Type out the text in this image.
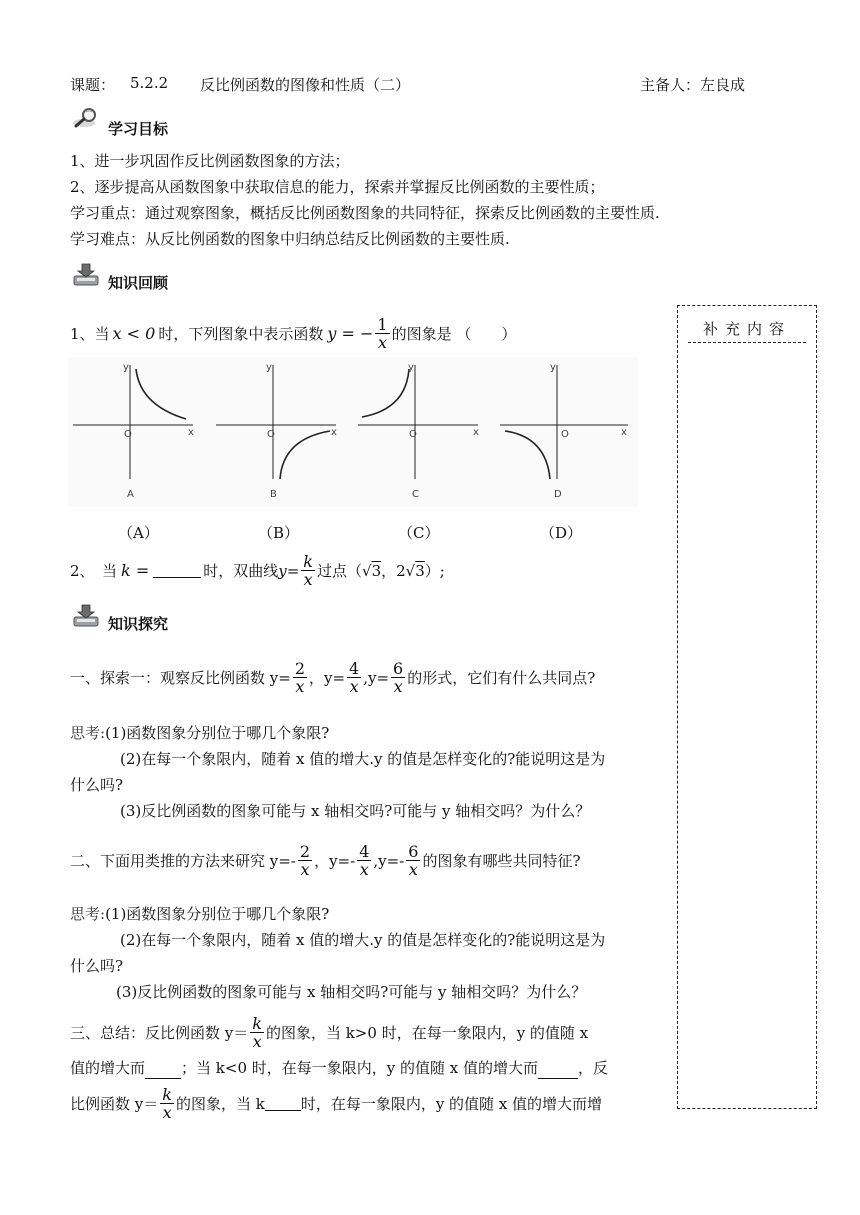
课题： 5.2.2 反比例函数的图像和性质（二）	主备人：左良成
学习目标
1、进一步巩固作反比例函数图象的方法；
2、逐步提高从函数图象中获取信息的能力，探索并掌握反比例函数的主要性质；
学习重点：通过观察图象，概括反比例函数图象的共同特征，探索反比例函数的主要性质.
学习难点：从反比例函数的图象中归纳总结反比例函数的主要性质.
知识回顾
1、当 x < 0 时，下列图象中表示函数 y = − $\frac{1}{x}$ 的图象是 （　　）
O	x
y
A
O	x
y
B
O	x
y
C
O	x
y
D
（A）	（B）	（C）	（D）
2、　当 k =	时，双曲线 $y= \frac{k}{x}$ 过点（ √ 3 ，2 √ 3 ）;
知识探究
一、探索一：观察反比例函数 $y= \frac{2}{x}$ ，$y= \frac{4}{x} ,y= \frac{6}{x}$ 的形式，它们有什么共同点?
思考:(1)函数图象分别位于哪几个象限?
(2)在每一个象限内，随着 x 值的增大.y 的值是怎样变化的?能说明这是为
什么吗?
(3)反比例函数的图象可能与 x 轴相交吗?可能与 y 轴相交吗？为什么？
二、下面用类推的方法来研究 $y=- \frac{2}{x}$ ，$y=- \frac{4}{x} ,y=- \frac{6}{x}$ 的图象有哪些共同特征?
思考:(1)函数图象分别位于哪几个象限?
(2)在每一个象限内，随着 x 值的增大.y 的值是怎样变化的?能说明这是为
什么吗?
(3)反比例函数的图象可能与 x 轴相交吗?可能与 y 轴相交吗？为什么？
三、总结：反比例函数 $y= \frac{k}{x}$ 的图象，当 k>0 时，在每一象限内，y 的值随 x
值的增大而 ；当 k<0 时，在每一象限内，y 的值随 x 值的增大而	，反
比例函数 $y= \frac{k}{x}$ 的图象，当 k 时，在每一象限内，y 的值随 x 值的增大而增
补充内容
